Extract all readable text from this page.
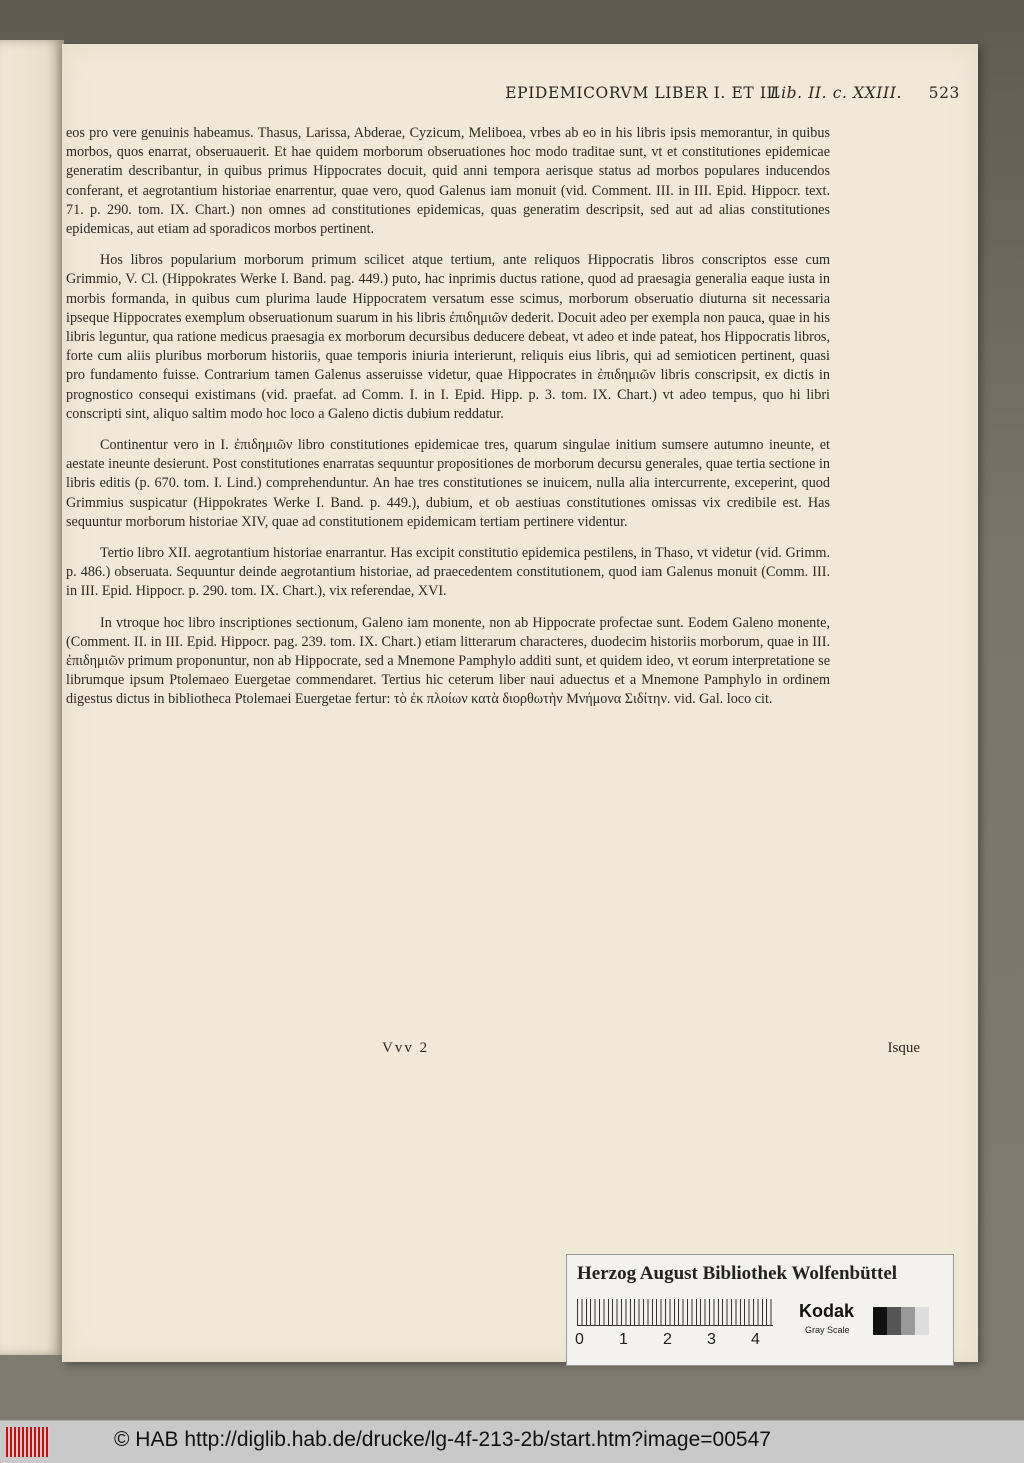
EPIDEMICORVM LIBER I. ET III
Lib. II. c. XXIII. 523

eos pro vere genuinis habeamus. Thasus, Larissa, Abderae, Cyzicum, Meliboea, vrbes ab eo in his libris ipsis memorantur, in quibus morbos, quos enarrat, obseruauerit. Et hae quidem morborum obseruationes hoc modo traditae sunt, vt et constitutiones epidemicae generatim describantur, in quibus primus Hippocrates docuit, quid anni tempora aerisque status ad morbos populares inducendos conferant, et aegrotantium historiae enarrentur, quae vero, quod Galenus iam monuit (vid. Comment. III. in III. Epid. Hippocr. text. 71. p. 290. tom. IX. Chart.) non omnes ad constitutiones epidemicas, quas generatim descripsit, sed aut ad alias constitutiones epidemicas, aut etiam ad sporadicos morbos pertinent.

Hos libros popularium morborum primum scilicet atque tertium, ante reliquos Hippocratis libros conscriptos esse cum Grimmio, V. Cl. (Hippokrates Werke I. Band. pag. 449.) puto, hac inprimis ductus ratione, quod ad praesagia generalia eaque iusta in morbis formanda, in quibus cum plurima laude Hippocratem versatum esse scimus, morborum obseruatio diuturna sit necessaria ipseque Hippocrates exemplum obseruationum suarum in his libris ἐπιδημιῶν dederit. Docuit adeo per exempla non pauca, quae in his libris leguntur, qua ratione medicus praesagia ex morborum decursibus deducere debeat, vt adeo et inde pateat, hos Hippocratis libros, forte cum aliis pluribus morborum historiis, quae temporis iniuria interierunt, reliquis eius libris, qui ad semioticen pertinent, quasi pro fundamento fuisse. Contrarium tamen Galenus asseruisse videtur, quae Hippocrates in ἐπιδημιῶν libris conscripsit, ex dictis in prognostico consequi existimans (vid. praefat. ad Comm. I. in I. Epid. Hipp. p. 3. tom. IX. Chart.) vt adeo tempus, quo hi libri conscripti sint, aliquo saltim modo hoc loco a Galeno dictis dubium reddatur.

Continentur vero in I. ἐπιδημιῶν libro constitutiones epidemicae tres, quarum singulae initium sumsere autumno ineunte, et aestate ineunte desierunt. Post constitutiones enarratas sequuntur propositiones de morborum decursu generales, quae tertia sectione in libris editis (p. 670. tom. I. Lind.) comprehenduntur. An hae tres constitutiones se inuicem, nulla alia intercurrente, exceperint, quod Grimmius suspicatur (Hippokrates Werke I. Band. p. 449.), dubium, et ob aestiuas constitutiones omissas vix credibile est. Has sequuntur morborum historiae XIV, quae ad constitutionem epidemicam tertiam pertinere videntur.

Tertio libro XII. aegrotantium historiae enarrantur. Has excipit constitutio epidemica pestilens, in Thaso, vt videtur (vid. Grimm. p. 486.) obseruata. Sequuntur deinde aegrotantium historiae, ad praecedentem constitutionem, quod iam Galenus monuit (Comm. III. in III. Epid. Hippocr. p. 290. tom. IX. Chart.), vix referendae, XVI.

In vtroque hoc libro inscriptiones sectionum, Galeno iam monente, non ab Hippocrate profectae sunt. Eodem Galeno monente, (Comment. II. in III. Epid. Hippocr. pag. 239. tom. IX. Chart.) etiam litterarum characteres, duodecim historiis morborum, quae in III. ἐπιδημιῶν primum proponuntur, non ab Hippocrate, sed a Mnemone Pamphylo additi sunt, et quidem ideo, vt eorum interpretatione se librumque ipsum Ptolemaeo Euergetae commendaret. Tertius hic ceterum liber naui aduectus et a Mnemone Pamphylo in ordinem digestus dictus in bibliotheca Ptolemaei Euergetae fertur: τὸ ἐκ πλοίων κατὰ διορθωτὴν Μνήμονα Σιδίτην. vid. Gal. loco cit.

Vvv 2	Isque
Herzog August Bibliothek Wolfenbüttel
0 1 2 3 4
Kodak
Gray Scale
© HAB http://diglib.hab.de/drucke/lg-4f-213-2b/start.htm?image=00547
